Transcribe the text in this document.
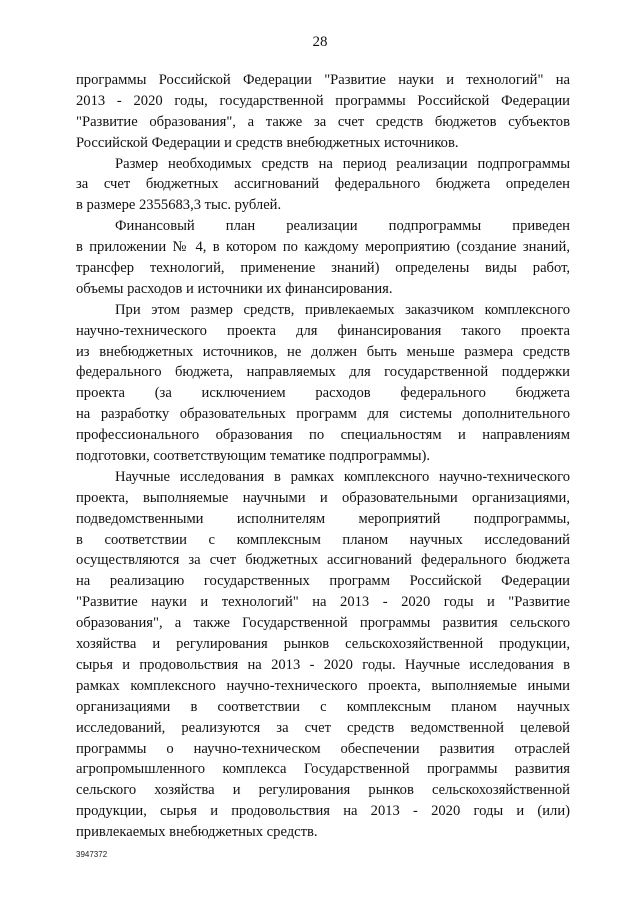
28
программы Российской Федерации "Развитие науки и технологий" на
2013 - 2020 годы, государственной программы Российской Федерации
"Развитие образования", а также за счет средств бюджетов субъектов
Российской Федерации и средств внебюджетных источников.
Размер необходимых средств на период реализации подпрограммы
за счет бюджетных ассигнований федерального бюджета определен
в размере 2355683,3 тыс. рублей.
Финансовый план реализации подпрограммы приведен
в приложении № 4, в котором по каждому мероприятию (создание знаний,
трансфер технологий, применение знаний) определены виды работ,
объемы расходов и источники их финансирования.
При этом размер средств, привлекаемых заказчиком комплексного
научно-технического проекта для финансирования такого проекта
из внебюджетных источников, не должен быть меньше размера средств
федерального бюджета, направляемых для государственной поддержки
проекта (за исключением расходов федерального бюджета
на разработку образовательных программ для системы дополнительного
профессионального образования по специальностям и направлениям
подготовки, соответствующим тематике подпрограммы).
Научные исследования в рамках комплексного научно-технического
проекта, выполняемые научными и образовательными организациями,
подведомственными исполнителям мероприятий подпрограммы,
в соответствии с комплексным планом научных исследований
осуществляются за счет бюджетных ассигнований федерального бюджета
на реализацию государственных программ Российской Федерации
"Развитие науки и технологий" на 2013 - 2020 годы и "Развитие
образования", а также Государственной программы развития сельского
хозяйства и регулирования рынков сельскохозяйственной продукции,
сырья и продовольствия на 2013 - 2020 годы. Научные исследования в
рамках комплексного научно-технического проекта, выполняемые иными
организациями в соответствии с комплексным планом научных
исследований, реализуются за счет средств ведомственной целевой
программы о научно-техническом обеспечении развития отраслей
агропромышленного комплекса Государственной программы развития
сельского хозяйства и регулирования рынков сельскохозяйственной
продукции, сырья и продовольствия на 2013 - 2020 годы и (или)
привлекаемых внебюджетных средств.
3947372
